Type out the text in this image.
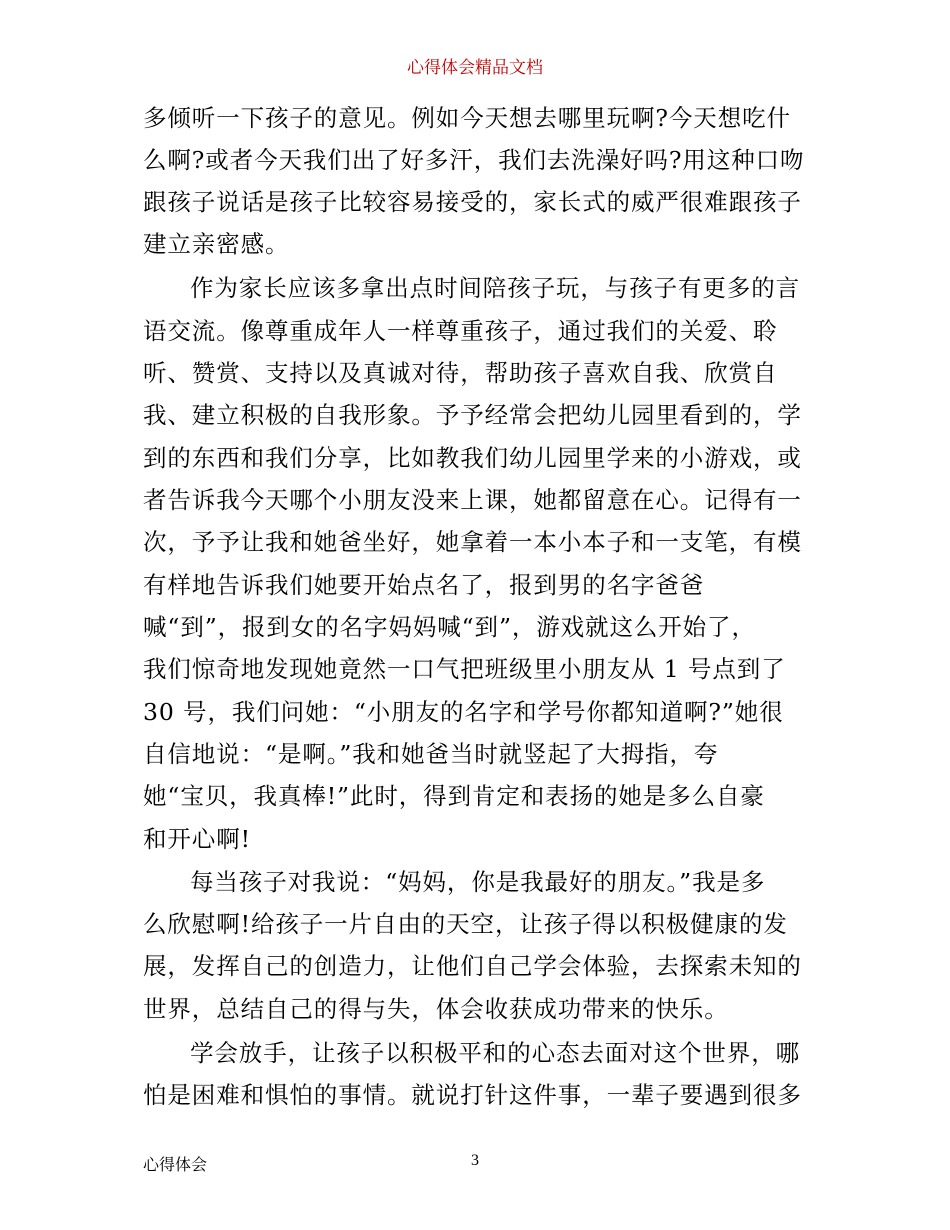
心得体会精品文档
多倾听一下孩子的意见。例如今天想去哪里玩啊?今天想吃什
么啊?或者今天我们出了好多汗，我们去洗澡好吗?用这种口吻
跟孩子说话是孩子比较容易接受的，家长式的威严很难跟孩子
建立亲密感。
作为家长应该多拿出点时间陪孩子玩，与孩子有更多的言
语交流。像尊重成年人一样尊重孩子，通过我们的关爱、聆
听、赞赏、支持以及真诚对待，帮助孩子喜欢自我、欣赏自
我、建立积极的自我形象。予予经常会把幼儿园里看到的，学
到的东西和我们分享，比如教我们幼儿园里学来的小游戏，或
者告诉我今天哪个小朋友没来上课，她都留意在心。记得有一
次，予予让我和她爸坐好，她拿着一本小本子和一支笔，有模
有样地告诉我们她要开始点名了，报到男的名字爸爸
喊“到”，报到女的名字妈妈喊“到”，游戏就这么开始了，
我们惊奇地发现她竟然一口气把班级里小朋友从 1 号点到了
30 号，我们问她：“小朋友的名字和学号你都知道啊?”她很
自信地说：“是啊。”我和她爸当时就竖起了大拇指，夸
她“宝贝，我真棒!”此时，得到肯定和表扬的她是多么自豪
和开心啊!
每当孩子对我说：“妈妈，你是我最好的朋友。”我是多
么欣慰啊!给孩子一片自由的天空，让孩子得以积极健康的发
展，发挥自己的创造力，让他们自己学会体验，去探索未知的
世界，总结自己的得与失，体会收获成功带来的快乐。
学会放手，让孩子以积极平和的心态去面对这个世界，哪
怕是困难和惧怕的事情。就说打针这件事，一辈子要遇到很多
心得体会	3
